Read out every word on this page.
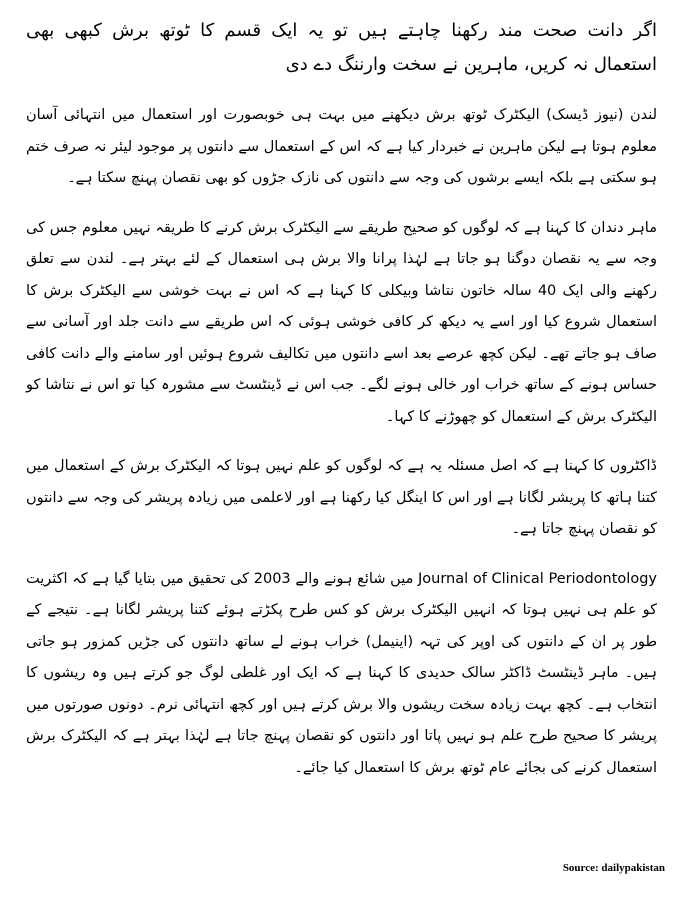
اگر دانت صحت مند رکھنا چاہتے ہیں تو یہ ایک قسم کا ٹوتھ برش کبھی بھی استعمال نہ کریں، ماہرین نے سخت وارننگ دے دی

لندن (نیوز ڈیسک) الیکٹرک ٹوتھ برش دیکھنے میں بہت ہی خوبصورت اور استعمال میں انتہائی آسان معلوم ہوتا ہے لیکن ماہرین نے خبردار کیا ہے کہ اس کے استعمال سے دانتوں پر موجود لیئر نہ صرف ختم ہو سکتی ہے بلکہ ایسے برشوں کی وجہ سے دانتوں کی نازک جڑوں کو بھی نقصان پہنچ سکتا ہے۔

ماہر دندان کا کہنا ہے کہ لوگوں کو صحیح طریقے سے الیکٹرک برش کرنے کا طریقہ نہیں معلوم جس کی وجہ سے یہ نقصان دوگنا ہو جاتا ہے لہٰذا پرانا والا برش ہی استعمال کے لئے بہتر ہے۔ لندن سے تعلق رکھنے والی ایک 40 سالہ خاتون نتاشا وبیکلی کا کہنا ہے کہ اس نے بہت خوشی سے الیکٹرک برش کا استعمال شروع کیا اور اسے یہ دیکھ کر کافی خوشی ہوئی کہ اس طریقے سے دانت جلد اور آسانی سے صاف ہو جاتے تھے۔ لیکن کچھ عرصے بعد اسے دانتوں میں تکالیف شروع ہوئیں اور سامنے والے دانت کافی حساس ہونے کے ساتھ خراب اور خالی ہونے لگے۔ جب اس نے ڈینٹسٹ سے مشورہ کیا تو اس نے نتاشا کو الیکٹرک برش کے استعمال کو چھوڑنے کا کہا۔

ڈاکٹروں کا کہنا ہے کہ اصل مسئلہ یہ ہے کہ لوگوں کو علم نہیں ہوتا کہ الیکٹرک برش کے استعمال میں کتنا ہاتھ کا پریشر لگانا ہے اور اس کا اینگل کیا رکھنا ہے اور لاعلمی میں زیادہ پریشر کی وجہ سے دانتوں کو نقصان پہنچ جاتا ہے۔

Journal of Clinical Periodontology میں شائع ہونے والے 2003 کی تحقیق میں بتایا گیا ہے کہ اکثریت کو علم ہی نہیں ہوتا کہ انہیں الیکٹرک برش کو کس طرح پکڑتے ہوئے کتنا پریشر لگانا ہے۔ نتیجے کے طور پر ان کے دانتوں کی اوپر کی تہہ (اینیمل) خراب ہونے لے ساتھ دانتوں کی جڑیں کمزور ہو جاتی ہیں۔ ماہر ڈینٹسٹ ڈاکٹر سالک حدیدی کا کہنا ہے کہ ایک اور غلطی لوگ جو کرتے ہیں وہ ریشوں کا انتخاب ہے۔ کچھ بہت زیادہ سخت ریشوں والا برش کرتے ہیں اور کچھ انتہائی نرم۔ دونوں صورتوں میں پریشر کا صحیح طرح علم ہو نہیں پاتا اور دانتوں کو نقصان پہنچ جاتا ہے لہٰذا بہتر ہے کہ الیکٹرک برش استعمال کرنے کی بجائے عام ٹوتھ برش کا استعمال کیا جائے۔

Source: dailypakistan
